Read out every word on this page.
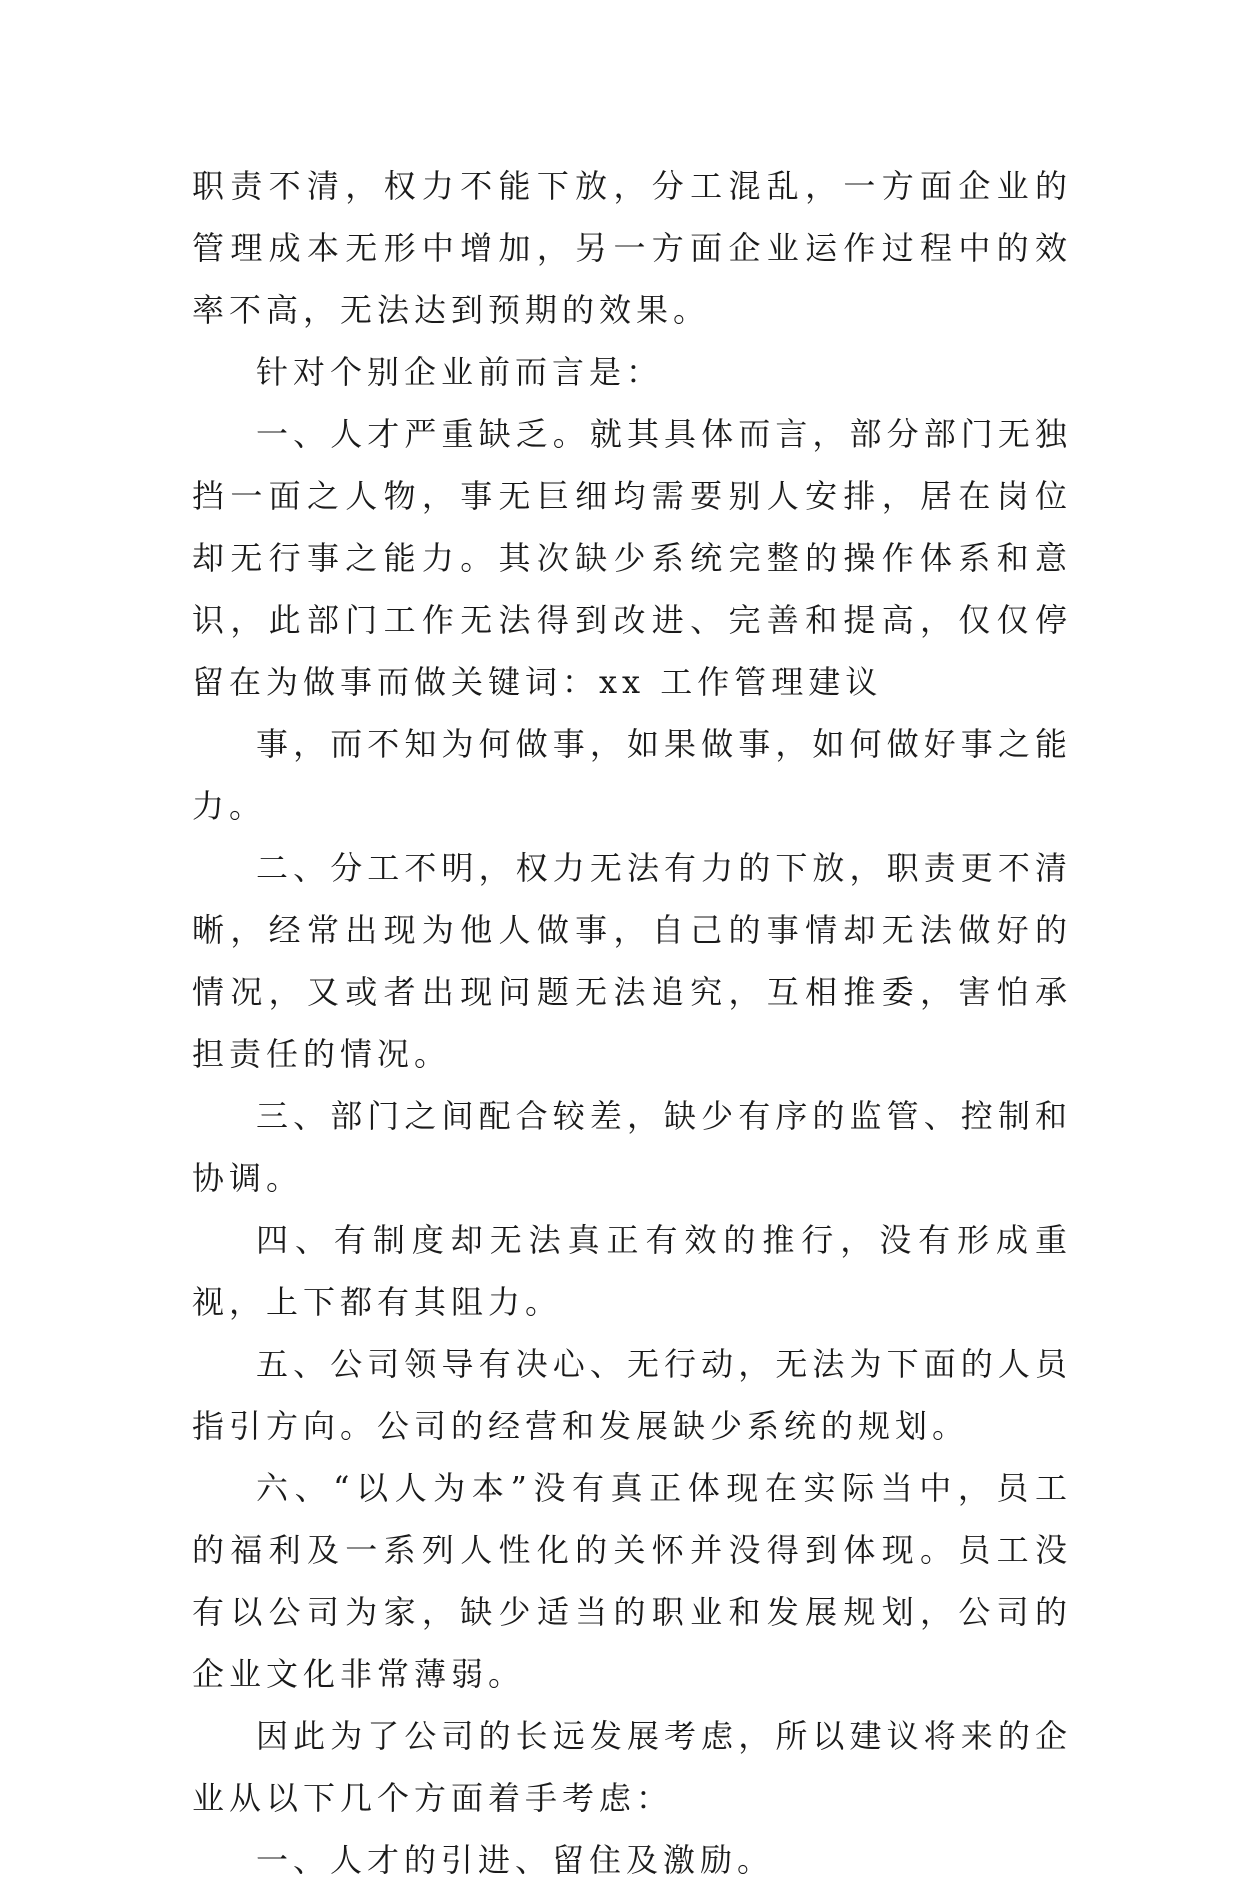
职责不清，权力不能下放，分工混乱，一方面企业的管理成本无形中增加，另一方面企业运作过程中的效率不高，无法达到预期的效果。

针对个别企业前而言是：

一、人才严重缺乏。就其具体而言，部分部门无独挡一面之人物，事无巨细均需要别人安排，居在岗位却无行事之能力。其次缺少系统完整的操作体系和意识，此部门工作无法得到改进、完善和提高，仅仅停留在为做事而做关键词：xx 工作管理建议

事，而不知为何做事，如果做事，如何做好事之能力。

二、分工不明，权力无法有力的下放，职责更不清晰，经常出现为他人做事，自己的事情却无法做好的情况，又或者出现问题无法追究，互相推委，害怕承担责任的情况。

三、部门之间配合较差，缺少有序的监管、控制和协调。

四、有制度却无法真正有效的推行，没有形成重视，上下都有其阻力。

五、公司领导有决心、无行动，无法为下面的人员指引方向。公司的经营和发展缺少系统的规划。

六、“以人为本”没有真正体现在实际当中，员工的福利及一系列人性化的关怀并没得到体现。员工没有以公司为家，缺少适当的职业和发展规划，公司的企业文化非常薄弱。

因此为了公司的长远发展考虑，所以建议将来的企业从以下几个方面着手考虑：

一、人才的引进、留住及激励。
